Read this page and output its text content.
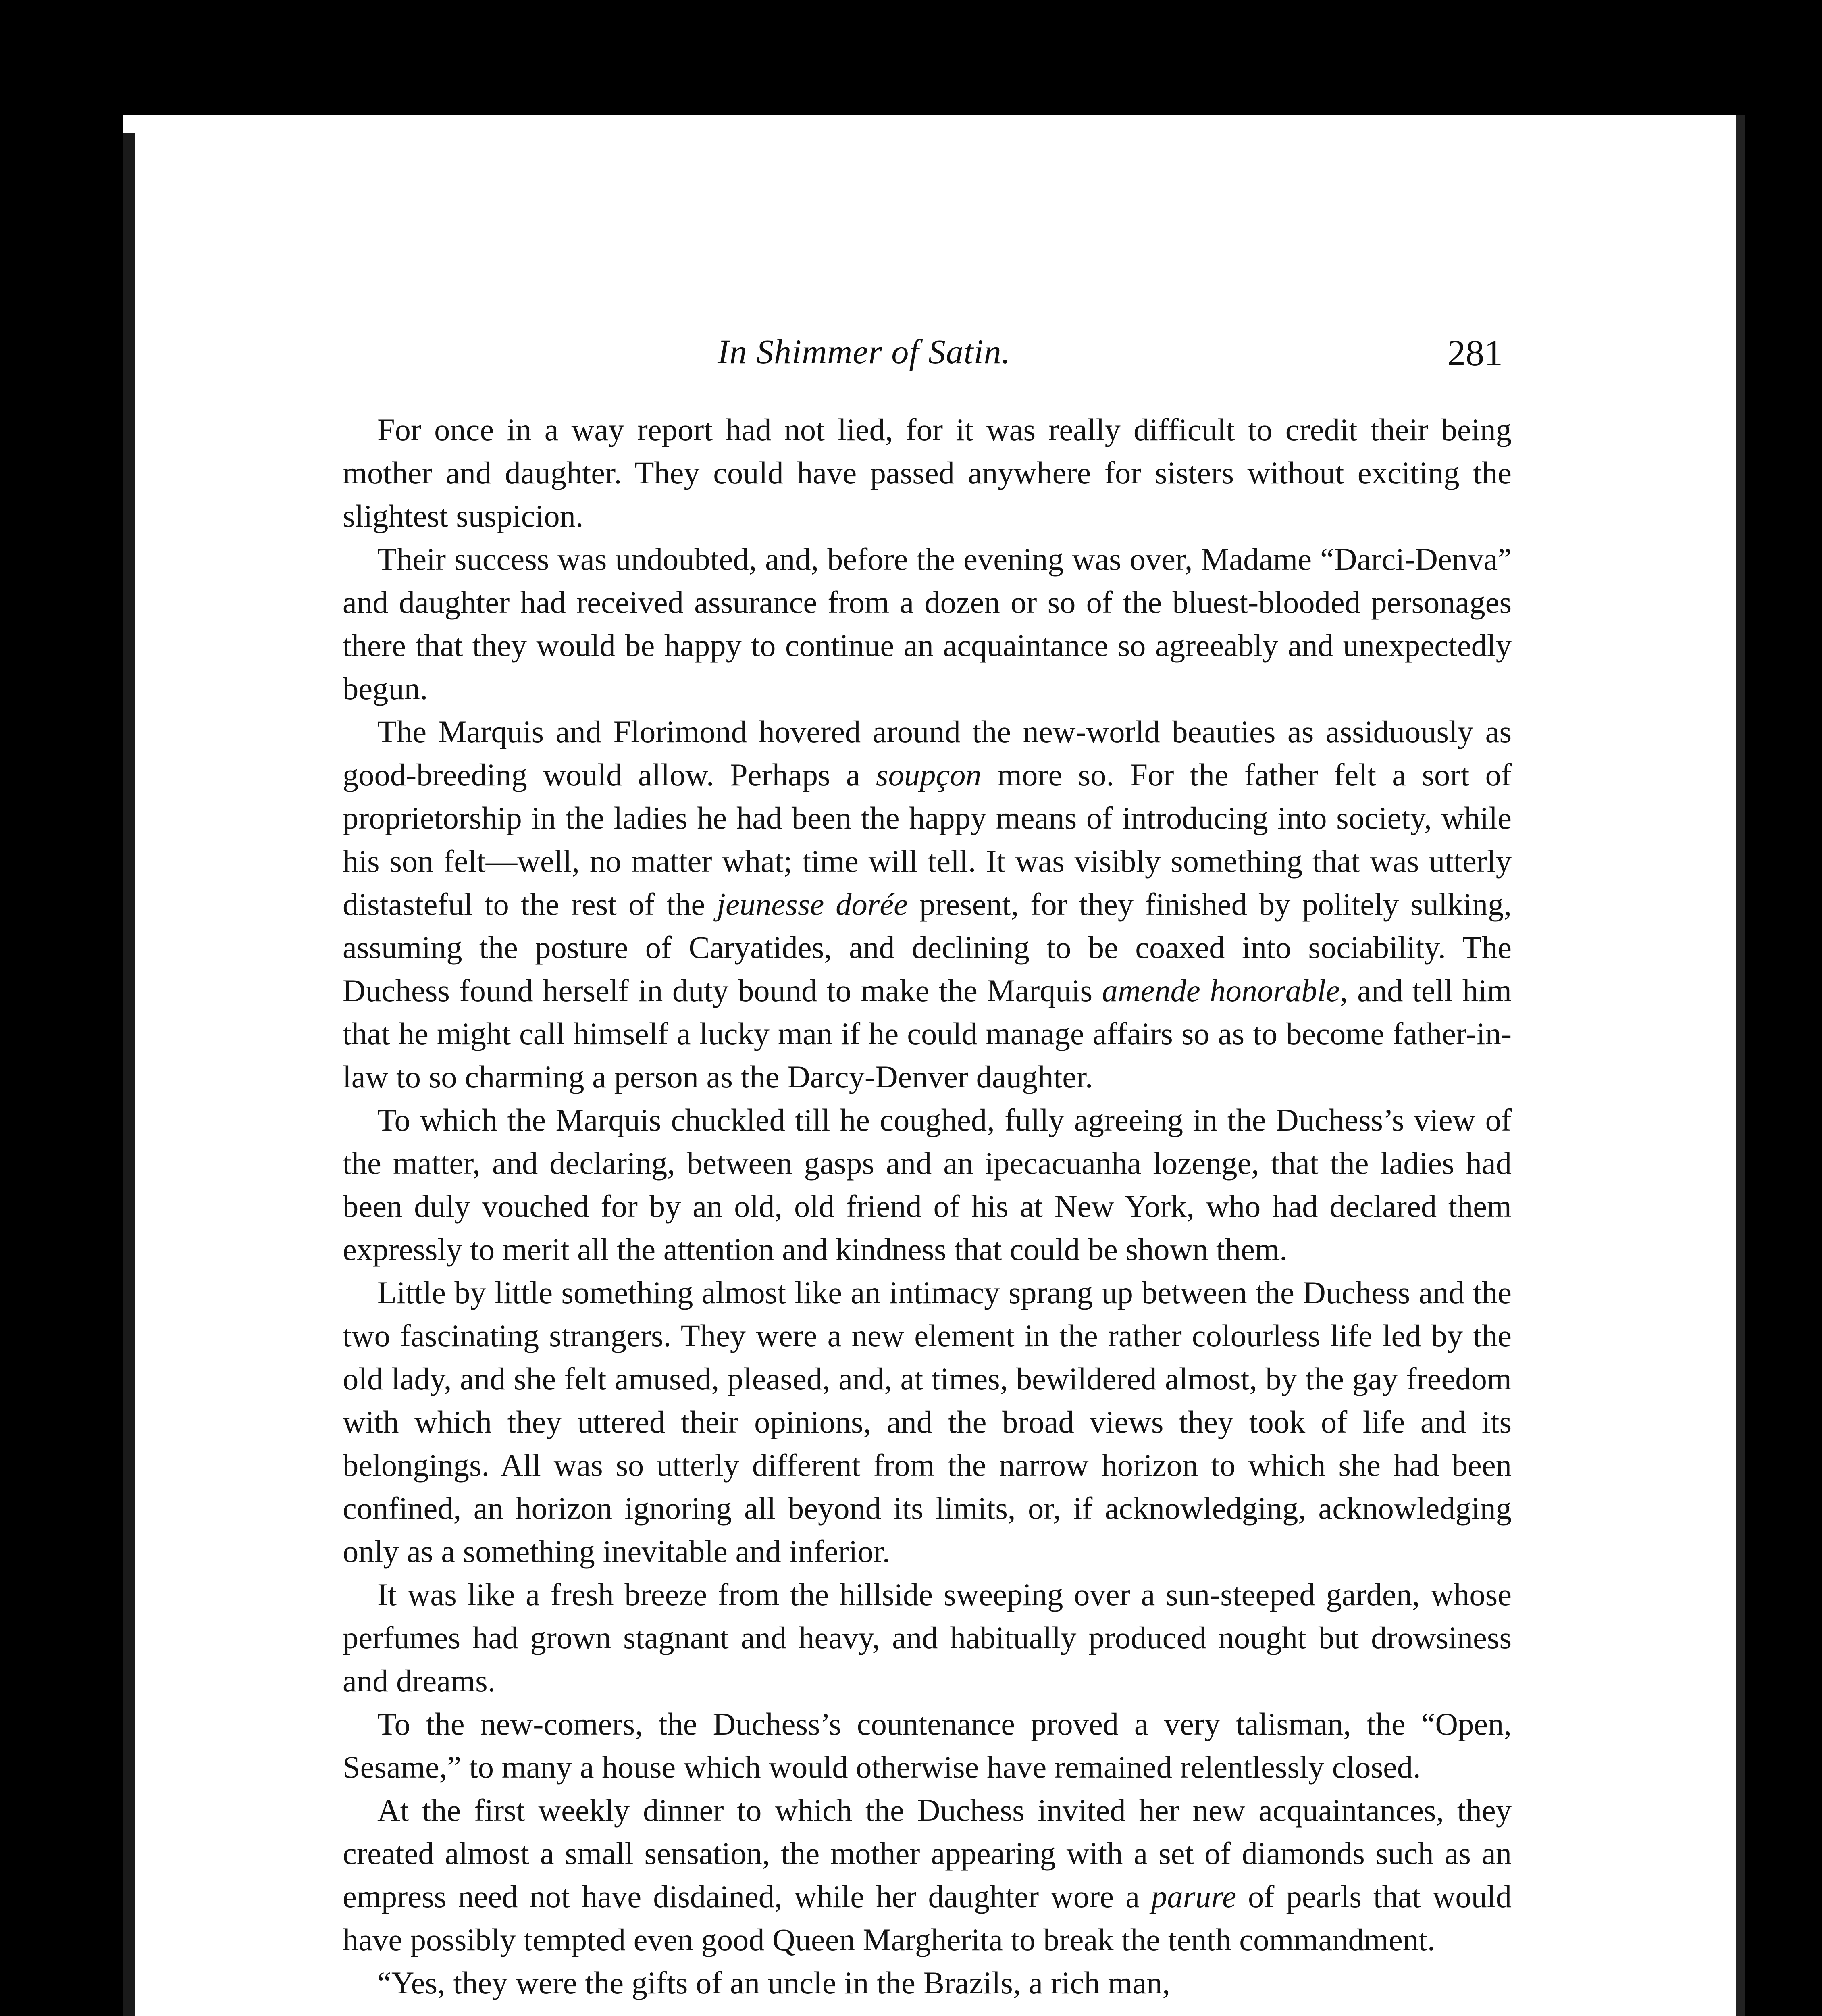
In Shimmer of Satin.	281

For once in a way report had not lied, for it was really difficult to credit their being mother and daughter. They could have passed anywhere for sisters without exciting the slightest suspicion.

Their success was undoubted, and, before the evening was over, Madame “Darci-Denva” and daughter had received assurance from a dozen or so of the bluest-blooded personages there that they would be happy to continue an acquaintance so agreeably and unexpectedly begun.

The Marquis and Florimond hovered around the new-world beauties as assiduously as good-breeding would allow. Perhaps a soupçon more so. For the father felt a sort of proprietorship in the ladies he had been the happy means of introducing into society, while his son felt—well, no matter what; time will tell. It was visibly something that was utterly distasteful to the rest of the jeunesse dorée present, for they finished by politely sulking, assuming the posture of Caryatides, and declining to be coaxed into sociability. The Duchess found herself in duty bound to make the Marquis amende honorable, and tell him that he might call himself a lucky man if he could manage affairs so as to become father-in-law to so charming a person as the Darcy-Denver daughter.

To which the Marquis chuckled till he coughed, fully agreeing in the Duchess’s view of the matter, and declaring, between gasps and an ipecacuanha lozenge, that the ladies had been duly vouched for by an old, old friend of his at New York, who had declared them expressly to merit all the attention and kindness that could be shown them.

Little by little something almost like an intimacy sprang up between the Duchess and the two fascinating strangers. They were a new element in the rather colourless life led by the old lady, and she felt amused, pleased, and, at times, bewildered almost, by the gay freedom with which they uttered their opinions, and the broad views they took of life and its belongings. All was so utterly different from the narrow horizon to which she had been confined, an horizon ignoring all beyond its limits, or, if acknowledging, acknowledging only as a something inevitable and inferior.

It was like a fresh breeze from the hillside sweeping over a sun-steeped garden, whose perfumes had grown stagnant and heavy, and habitually produced nought but drowsiness and dreams.

To the new-comers, the Duchess’s countenance proved a very talisman, the “Open, Sesame,” to many a house which would otherwise have remained relentlessly closed.

At the first weekly dinner to which the Duchess invited her new acquaintances, they created almost a small sensation, the mother appearing with a set of diamonds such as an empress need not have disdained, while her daughter wore a parure of pearls that would have possibly tempted even good Queen Margherita to break the tenth commandment.

“Yes, they were the gifts of an uncle in the Brazils, a rich man,
